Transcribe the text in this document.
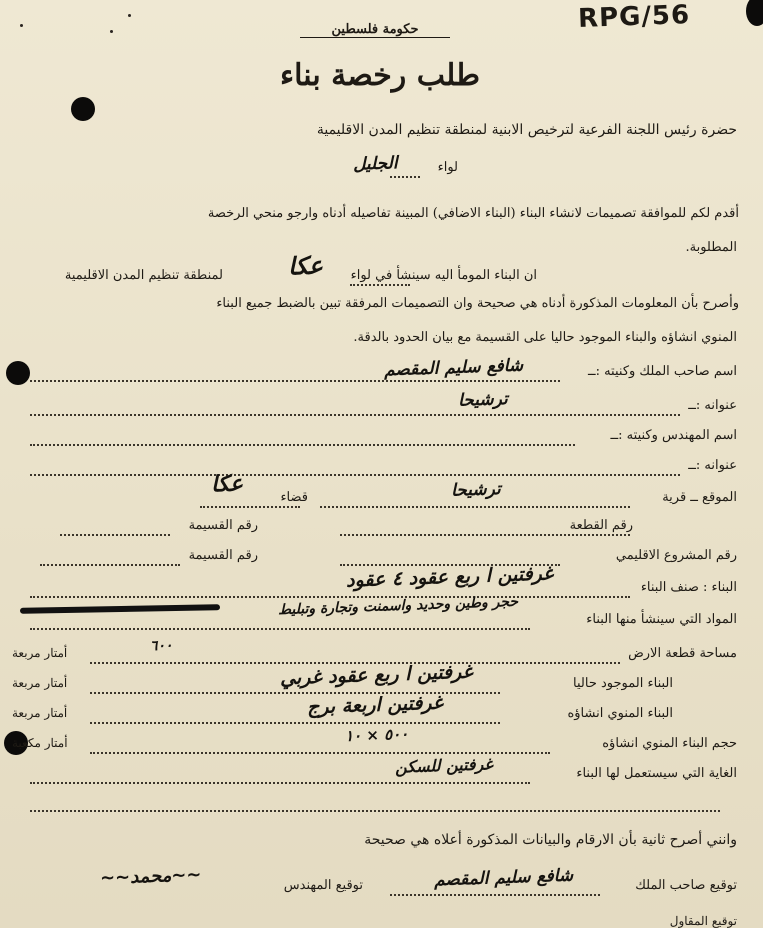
RPG/56
حكومة فلسطين
طلب رخصة بناء
حضرة رئيس اللجنة الفرعية لترخيص الابنية لمنطقة تنظيم المدن الاقليمية
لواء
الجليل
أقدم لكم للموافقة تصميمات لانشاء البناء (البناء الاضافي) المبينة تفاصيله أدناه وارجو منحي الرخصة
المطلوبة.
ان البناء المومأ اليه سينشأ في لواء
عكا
لمنطقة تنظيم المدن الاقليمية
وأصرح بأن المعلومات المذكورة أدناه هي صحيحة وان التصميمات المرفقة تبين بالضبط جميع البناء
المنوي انشاؤه والبناء الموجود حاليا على القسيمة مع بيان الحدود بالدقة.
اسم صاحب الملك وكنيته :ــ
شافع سليم المقصم
عنوانه :ــ
ترشيحا
اسم المهندس وكنيته :ــ
عنوانه :ــ
الموقع ــ قرية
ترشيحا
قضاء
عكا
رقم القطعة
رقم القسيمة
رقم المشروع الاقليمي
رقم القسيمة
البناء : صنف البناء
غرفتين ا ربع عقود ٤ عقود
المواد التي سينشأ منها البناء
حجر وطين وحديد واسمنت وتجارة وتبليط
مساحة قطعة الارض
٦٠٠
أمتار مربعة
البناء الموجود حاليا
غرفتين ا ربع عقود غربي
أمتار مربعة
البناء المنوي انشاؤه
غرفتين اربعة برج
أمتار مربعة
حجم البناء المنوي انشاؤه
٥٠٠ × ١٠
أمتار مكعبة
الغاية التي سيستعمل لها البناء
غرفتين للسكن
وانني أصرح ثانية بأن الارقام والبيانات المذكورة أعلاه هي صحيحة
توقيع صاحب الملك
شافع سليم المقصم
توقيع المهندس
~~ﻣﺤﻤﺪ~~
توقيع المقاول
